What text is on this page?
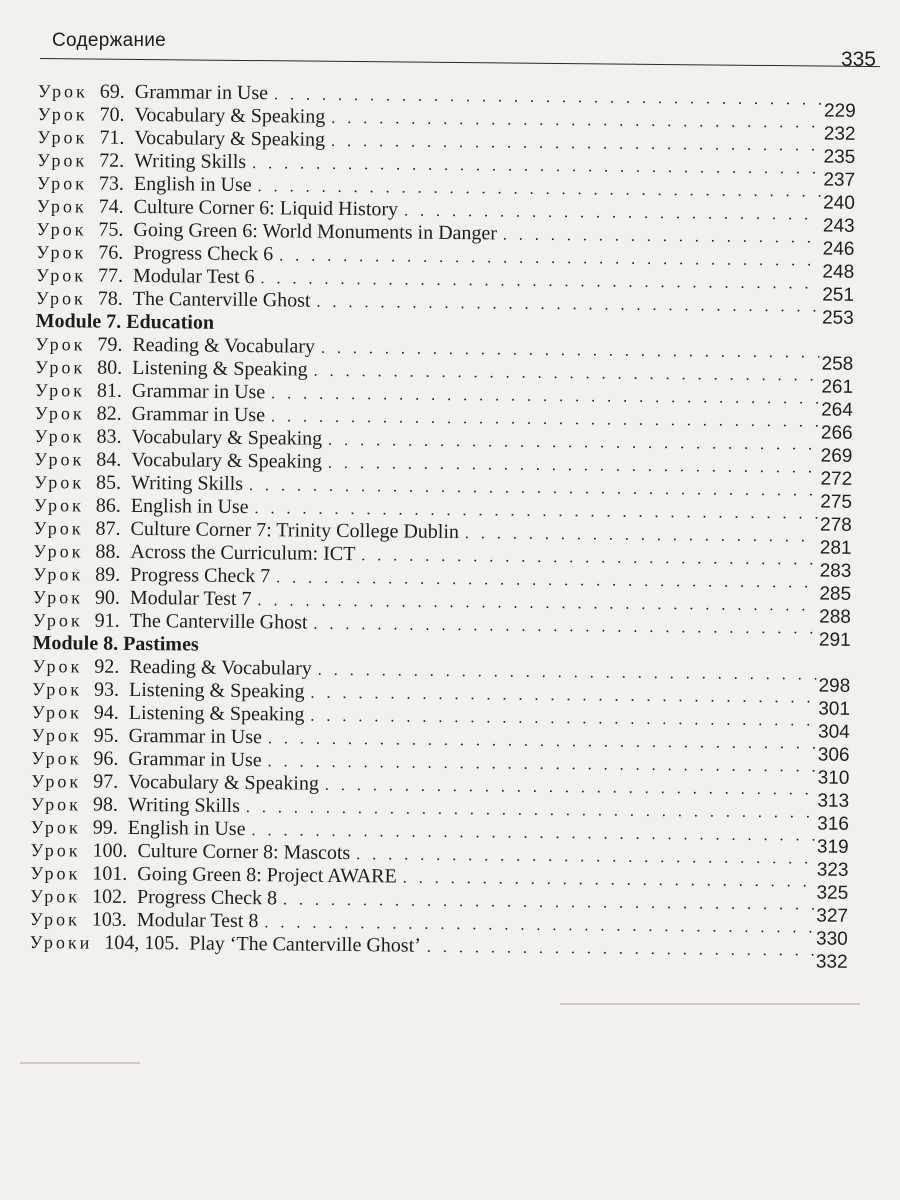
Содержание
335
Урок 69. Grammar in Use
. . .
229
Урок 70. Vocabulary & Speaking
. . .
232
Урок 71. Vocabulary & Speaking
. . .
235
Урок 72. Writing Skills
. . .
237
Урок 73. English in Use
. . .
240
Урок 74. Culture Corner 6: Liquid History
. . .
243
Урок 75. Going Green 6: World Monuments in Danger
. . .
246
Урок 76. Progress Check 6
. . .
248
Урок 77. Modular Test 6
. . .
251
Урок 78. The Canterville Ghost
. . .
253
Module 7. Education
Урок 79. Reading & Vocabulary
. . .
258
Урок 80. Listening & Speaking
. . .
261
Урок 81. Grammar in Use
. . .
264
Урок 82. Grammar in Use
. . .
266
Урок 83. Vocabulary & Speaking
. . .
269
Урок 84. Vocabulary & Speaking
. . .
272
Урок 85. Writing Skills
. . .
275
Урок 86. English in Use
. . .
278
Урок 87. Culture Corner 7: Trinity College Dublin
. . .
281
Урок 88. Across the Curriculum: ICT
. . .
283
Урок 89. Progress Check 7
. . .
285
Урок 90. Modular Test 7
. . .
288
Урок 91. The Canterville Ghost
. . .
291
Module 8. Pastimes
Урок 92. Reading & Vocabulary
. . .
298
Урок 93. Listening & Speaking
. . .
301
Урок 94. Listening & Speaking
. . .
304
Урок 95. Grammar in Use
. . .
306
Урок 96. Grammar in Use
. . .
310
Урок 97. Vocabulary & Speaking
. . .
313
Урок 98. Writing Skills
. . .
316
Урок 99. English in Use
. . .
319
Урок 100. Culture Corner 8: Mascots
. . .
323
Урок 101. Going Green 8: Project AWARE
. . .
325
Урок 102. Progress Check 8
. . .
327
Урок 103. Modular Test 8
. . .
330
Уроки 104, 105. Play ‘The Canterville Ghost’
. . .
332
